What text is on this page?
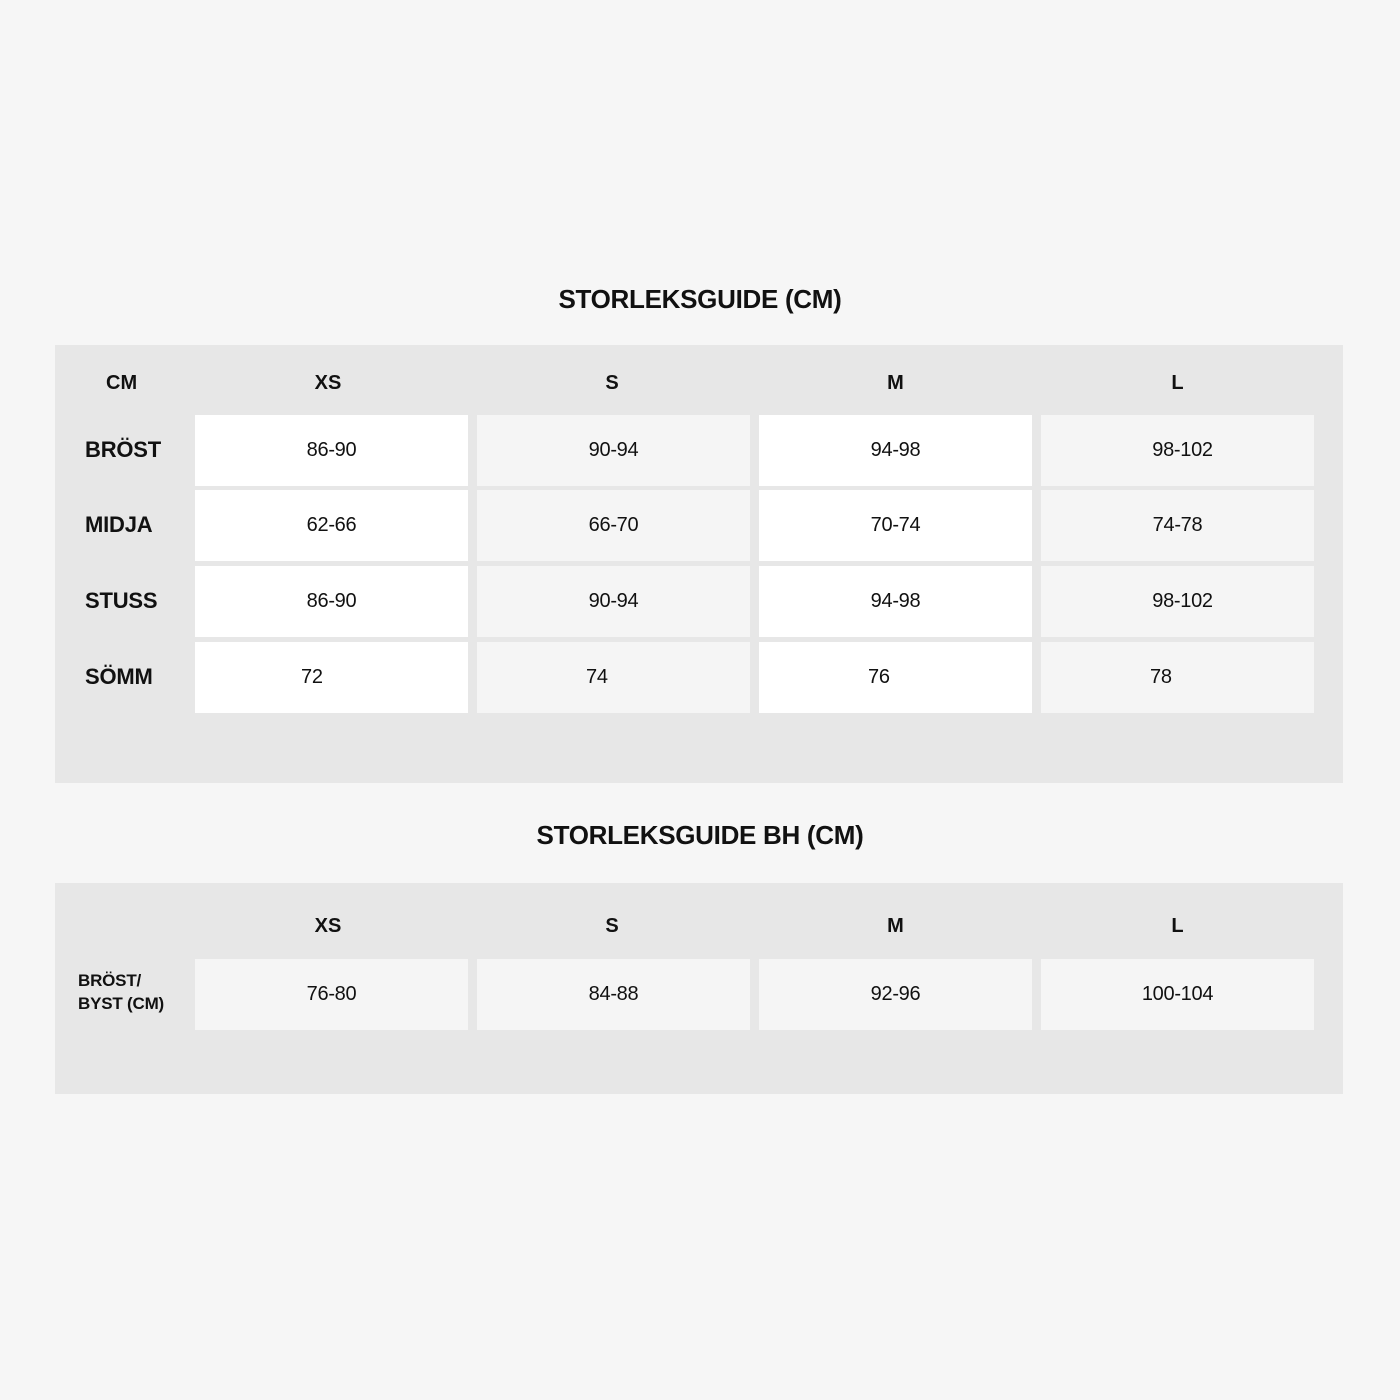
STORLEKSGUIDE (CM)
CM	XS	S	M	L
BRÖST	86-90	90-94	94-98	98-102
MIDJA	62-66	66-70	70-74	74-78
STUSS	86-90	90-94	94-98	98-102
SÖMM	72	74	76	78
STORLEKSGUIDE BH (CM)
XS	S	M	L
BRÖST/
BYST (CM)	76-80	84-88	92-96	100-104
